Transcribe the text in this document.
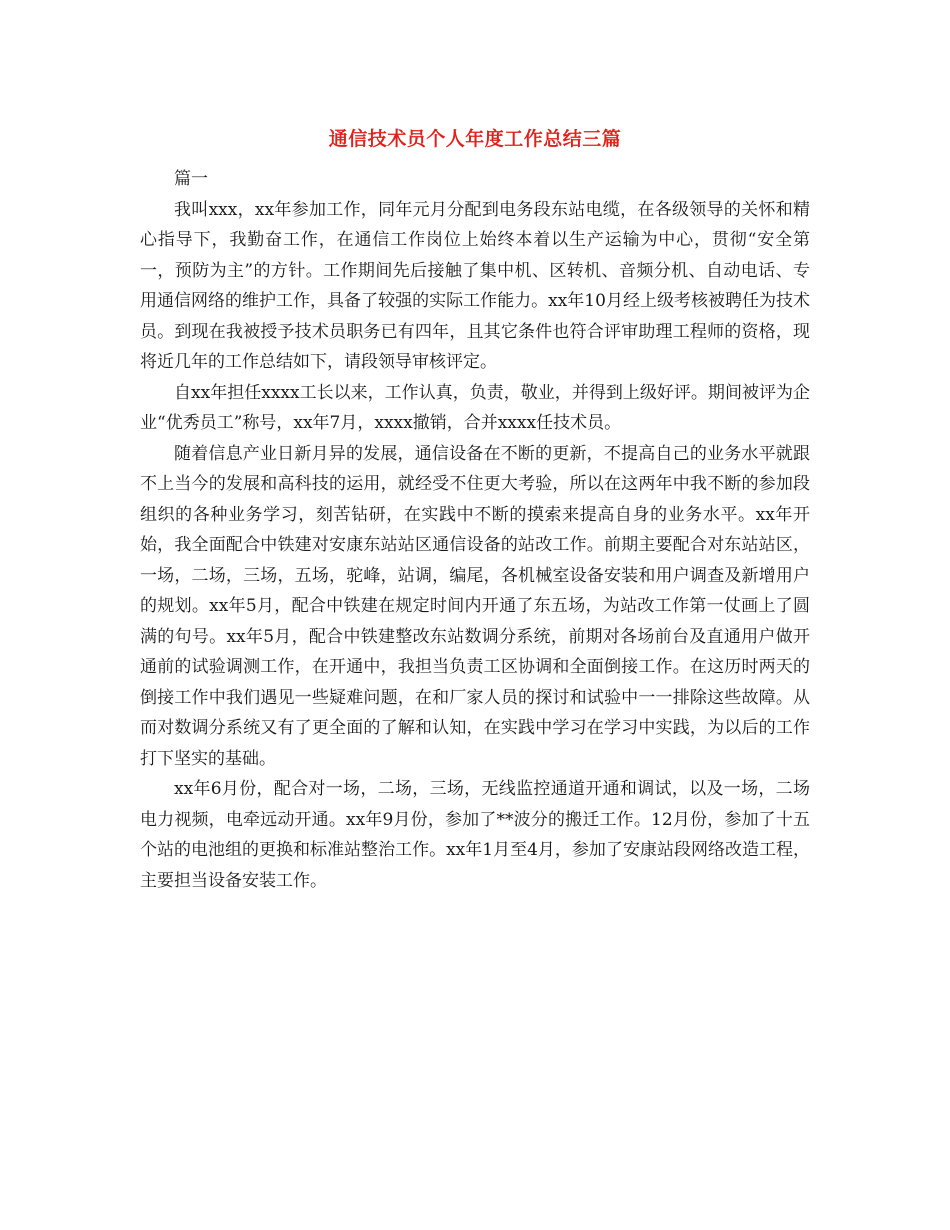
通信技术员个人年度工作总结三篇

篇一

我叫xxx，xx年参加工作，同年元月分配到电务段东站电缆，在各级领导的关怀和精心指导下，我勤奋工作，在通信工作岗位上始终本着以生产运输为中心，贯彻“安全第一，预防为主”的方针。工作期间先后接触了集中机、区转机、音频分机、自动电话、专用通信网络的维护工作，具备了较强的实际工作能力。xx年10月经上级考核被聘任为技术员。到现在我被授予技术员职务已有四年，且其它条件也符合评审助理工程师的资格，现将近几年的工作总结如下，请段领导审核评定。

自xx年担任xxxx工长以来，工作认真，负责，敬业，并得到上级好评。期间被评为企业“优秀员工”称号，xx年7月，xxxx撤销，合并xxxx任技术员。

随着信息产业日新月异的发展，通信设备在不断的更新，不提高自己的业务水平就跟不上当今的发展和高科技的运用，就经受不住更大考验，所以在这两年中我不断的参加段组织的各种业务学习，刻苦钻研，在实践中不断的摸索来提高自身的业务水平。xx年开始，我全面配合中铁建对安康东站站区通信设备的站改工作。前期主要配合对东站站区，一场，二场，三场，五场，驼峰，站调，编尾，各机械室设备安装和用户调查及新增用户的规划。xx年5月，配合中铁建在规定时间内开通了东五场，为站改工作第一仗画上了圆满的句号。xx年5月，配合中铁建整改东站数调分系统，前期对各场前台及直通用户做开通前的试验调测工作，在开通中，我担当负责工区协调和全面倒接工作。在这历时两天的倒接工作中我们遇见一些疑难问题，在和厂家人员的探讨和试验中一一排除这些故障。从而对数调分系统又有了更全面的了解和认知，在实践中学习在学习中实践，为以后的工作打下坚实的基础。

xx年6月份，配合对一场，二场，三场，无线监控通道开通和调试，以及一场，二场电力视频，电牵远动开通。xx年9月份，参加了**波分的搬迁工作。12月份，参加了十五个站的电池组的更换和标准站整治工作。xx年1月至4月，参加了安康站段网络改造工程，主要担当设备安装工作。
